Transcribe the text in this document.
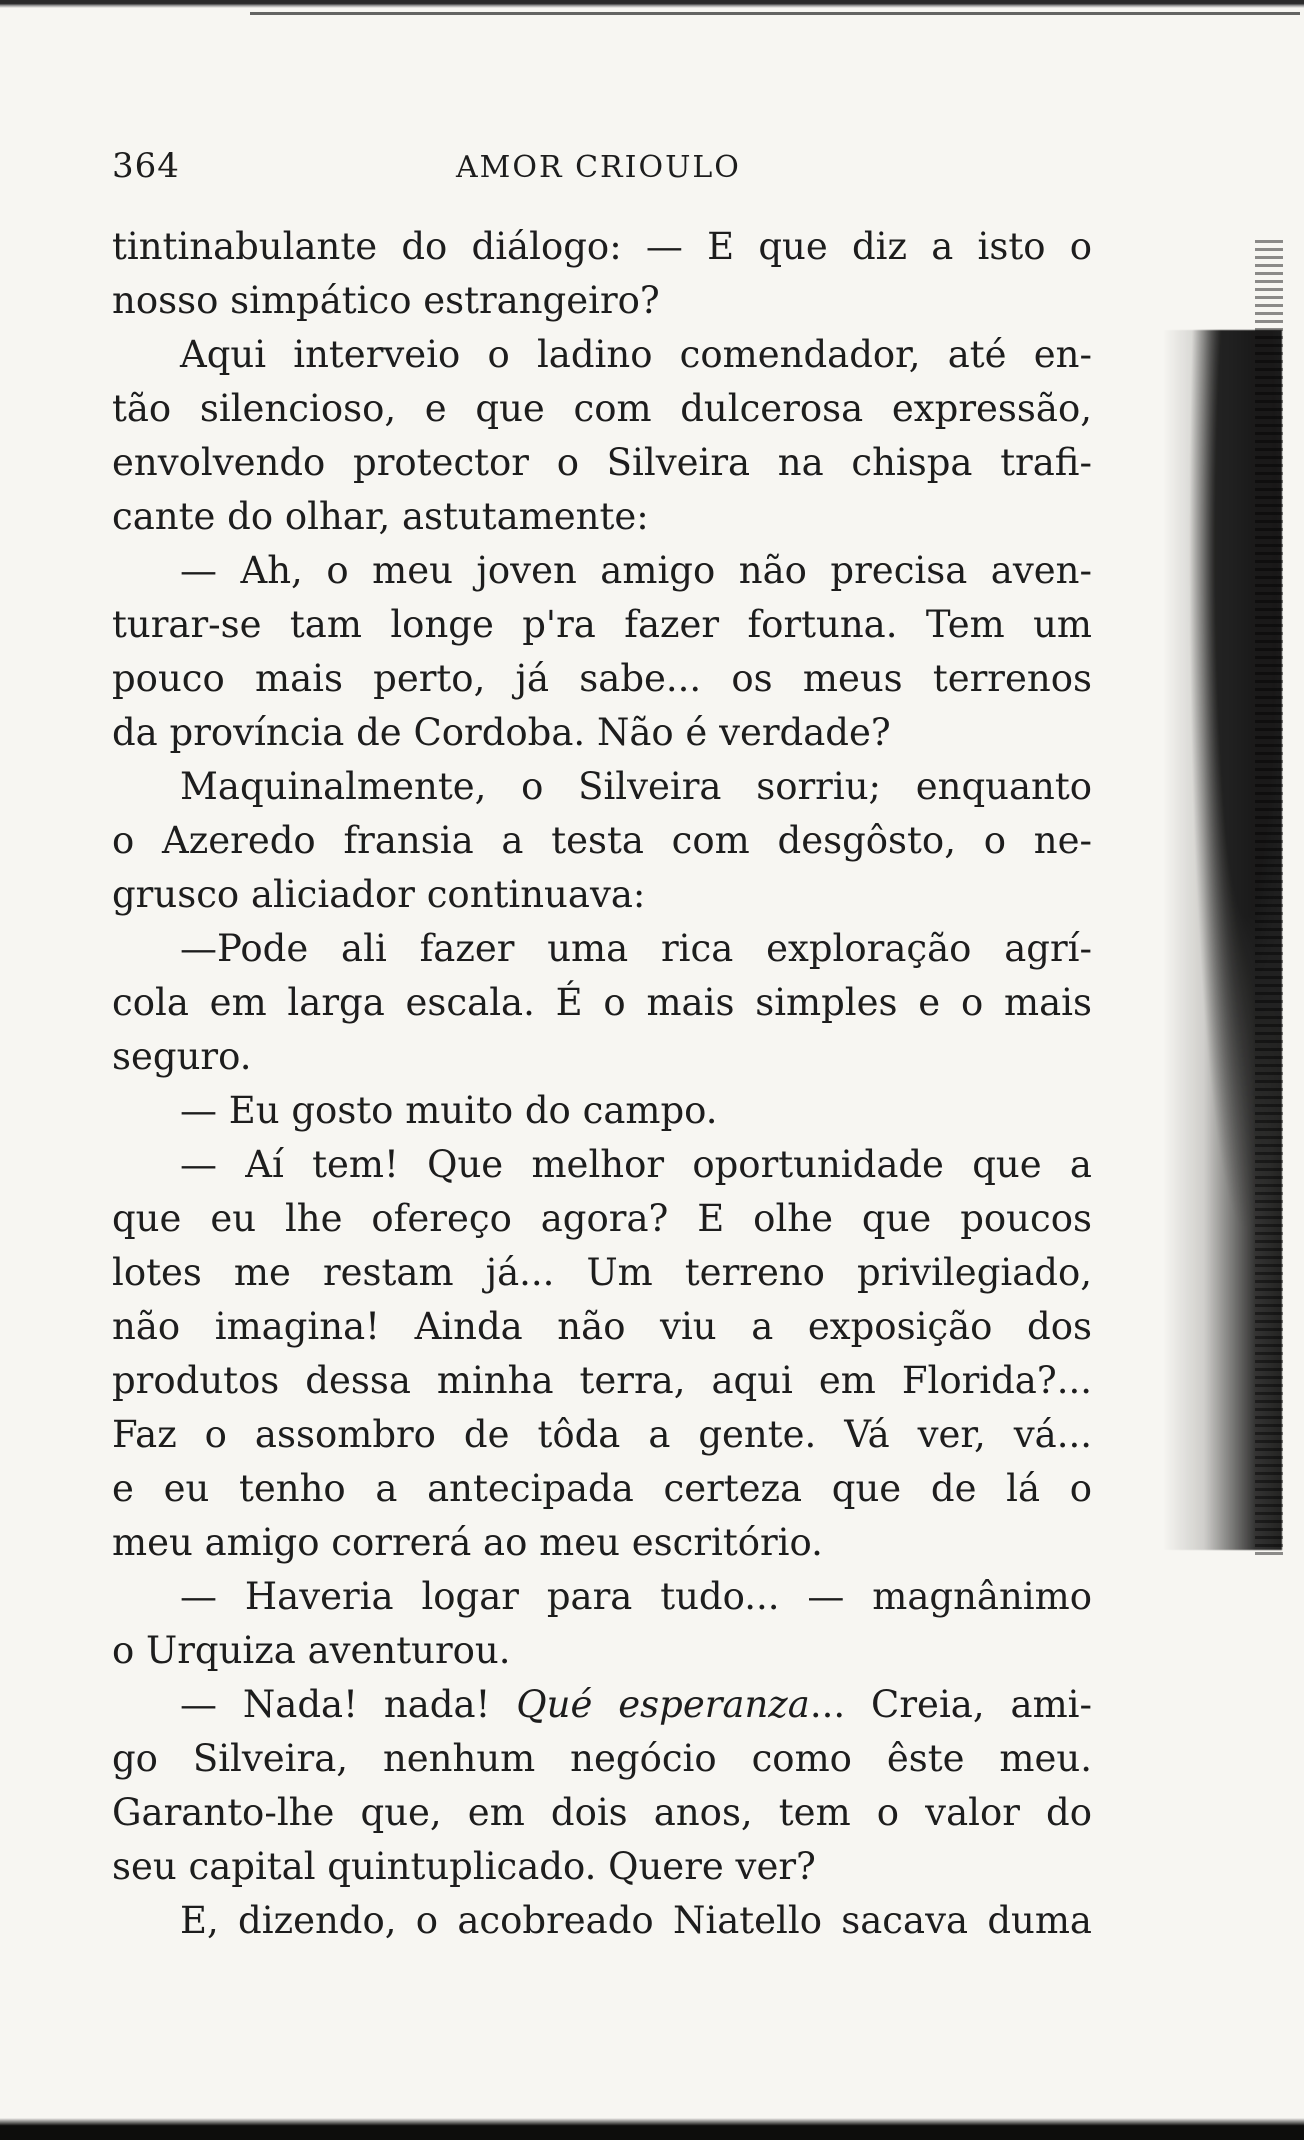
364	AMOR CRIOULO
tintinabulante do diálogo: — E que diz a isto o
nosso simpático estrangeiro?
Aqui interveio o ladino comendador, até en-
tão silencioso, e que com dulcerosa expressão,
envolvendo protector o Silveira na chispa trafi-
cante do olhar, astutamente:
— Ah, o meu joven amigo não precisa aven-
turar-se tam longe p'ra fazer fortuna. Tem um
pouco mais perto, já sabe... os meus terrenos
da província de Cordoba. Não é verdade?
Maquinalmente, o Silveira sorriu; enquanto
o Azeredo fransia a testa com desgôsto, o ne-
grusco aliciador continuava:
—Pode ali fazer uma rica exploração agrí-
cola em larga escala. É o mais simples e o mais
seguro.
— Eu gosto muito do campo.
— Aí tem! Que melhor oportunidade que a
que eu lhe ofereço agora? E olhe que poucos
lotes me restam já... Um terreno privilegiado,
não imagina! Ainda não viu a exposição dos
produtos dessa minha terra, aqui em Florida?...
Faz o assombro de tôda a gente. Vá ver, vá...
e eu tenho a antecipada certeza que de lá o
meu amigo correrá ao meu escritório.
— Haveria logar para tudo... — magnânimo
o Urquiza aventurou.
— Nada! nada! Qué esperanza... Creia, ami-
go Silveira, nenhum negócio como êste meu.
Garanto-lhe que, em dois anos, tem o valor do
seu capital quintuplicado. Quere ver?
E, dizendo, o acobreado Niatello sacava duma
